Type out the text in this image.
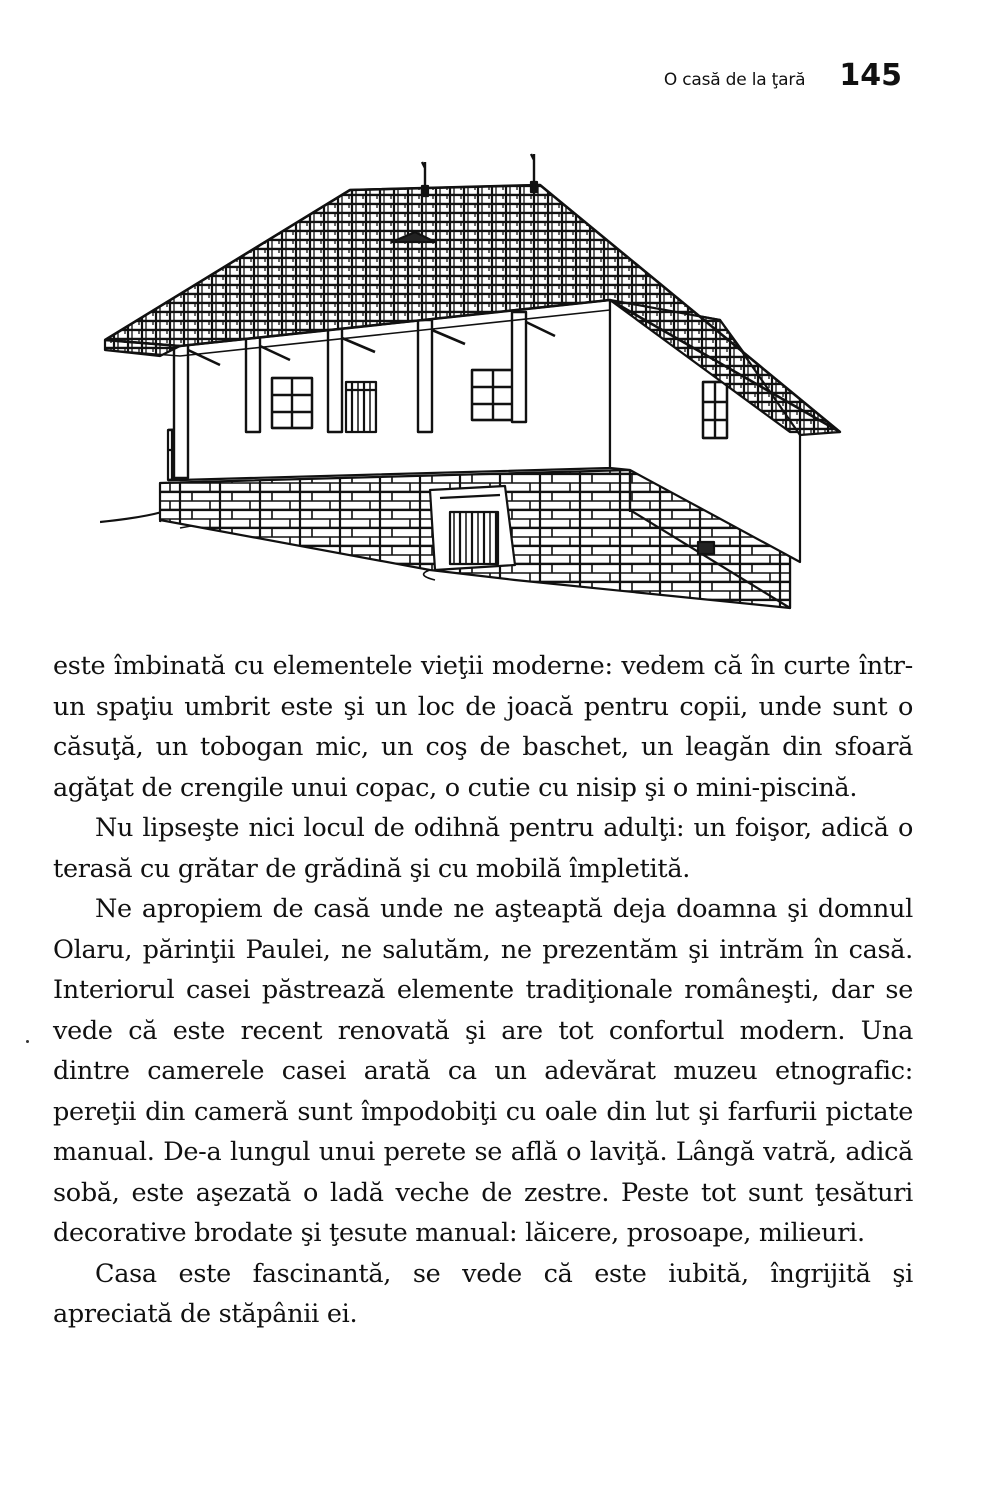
O casă de la ţară 145

este îmbinată cu elementele vieţii moderne: vedem că în curte într-un spaţiu umbrit este şi un loc de joacă pentru copii, unde sunt o căsuţă, un tobogan mic, un coş de baschet, un leagăn din sfoară agăţat de crengile unui copac, o cutie cu nisip şi o mini-piscină.

Nu lipseşte nici locul de odihnă pentru adulţi: un foişor, adică o terasă cu grătar de grădină şi cu mobilă împletită.

Ne apropiem de casă unde ne aşteaptă deja doamna şi domnul Olaru, părinţii Paulei, ne salutăm, ne prezentăm şi intrăm în casă. Interiorul casei păstrează elemente tradiţionale româneşti, dar se vede că este recent renovată şi are tot confortul modern. Una dintre camerele casei arată ca un adevărat muzeu etnografic: pereţii din cameră sunt împodobiţi cu oale din lut şi farfurii pictate manual. De-a lungul unui perete se află o laviţă. Lângă vatră, adică sobă, este aşezată o ladă veche de zestre. Peste tot sunt ţesături decorative brodate şi ţesute manual: lăicere, prosoape, milieuri.

Casa este fascinantă, se vede că este iubită, îngrijită şi apreciată de stăpânii ei.
